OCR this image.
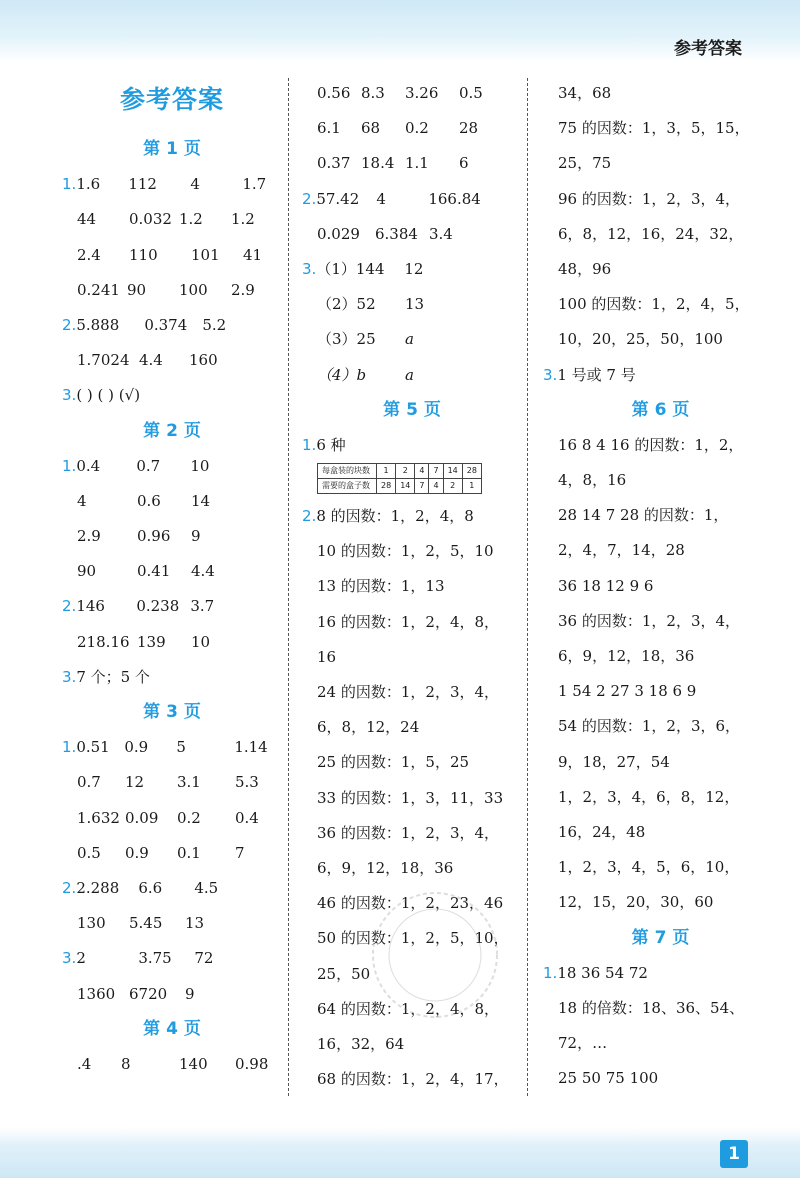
参考答案
1
参考答案
第 1 页
1.1.6 112 4	1.7
44 0.032 1.2 1.2
2.4 110 101 41
0.241 90 100 2.9
2.5.888 0.374 5.2
1.7024 4.4 160
3.( ) ( ) (√)
第 2 页
1.0.4 0.7 10
4	0.6 14
2.9 0.96 9
90	0.41 4.4
2.146 0.238 3.7
218.16 139 10
3.7 个；5 个
第 3 页
1.0.51 0.9 5	1.14
0.7 12 3.1 5.3
1.632 0.09 0.2 0.4
0.5 0.9 0.1 7
2.2.288 6.6 4.5
130 5.45 13
3.2	3.75 72
1360 6720 9
第 4 页
.4 8	140 0.98
0.56 8.3 3.26 0.5
6.1 68 0.2 28
0.37 18.4 1.1 6
2.57.42 4	166.84
0.029 6.384 3.4
3.（1）144 12
（2）52 13
（3）25 a
（4）b	a
第 5 页
1.6 种
每盒装的块数	1	2	4	7	14	28
需要的盒子数	28	14	7	4	2	1
2.8 的因数：1，2，4，8
10 的因数：1，2，5，10
13 的因数：1，13
16 的因数：1，2，4，8，
16
24 的因数：1，2，3，4，
6，8，12，24
25 的因数：1，5，25
33 的因数：1，3，11，33
36 的因数：1，2，3，4，
6，9，12，18，36
46 的因数：1，2，23，46
50 的因数：1，2，5，10，
25，50
64 的因数：1，2，4，8，
16，32，64
68 的因数：1，2，4，17，
34，68
75 的因数：1，3，5，15，
25，75
96 的因数：1，2，3，4，
6，8，12，16，24，32，
48，96
100 的因数：1，2，4，5，
10，20，25，50，100
3.1 号或 7 号
第 6 页
16 8 4 16 的因数：1，2，
4，8，16
28 14 7 28 的因数：1，
2，4，7，14，28
36 18 12 9 6
36 的因数：1，2，3，4，
6，9，12，18，36
1 54 2 27 3 18 6 9
54 的因数：1，2，3，6，
9，18，27，54
1，2，3，4，6，8，12，
16，24，48
1，2，3，4，5，6，10，
12，15，20，30，60
第 7 页
1.18 36 54 72
18 的倍数：18、36、54、
72，…
25 50 75 100
